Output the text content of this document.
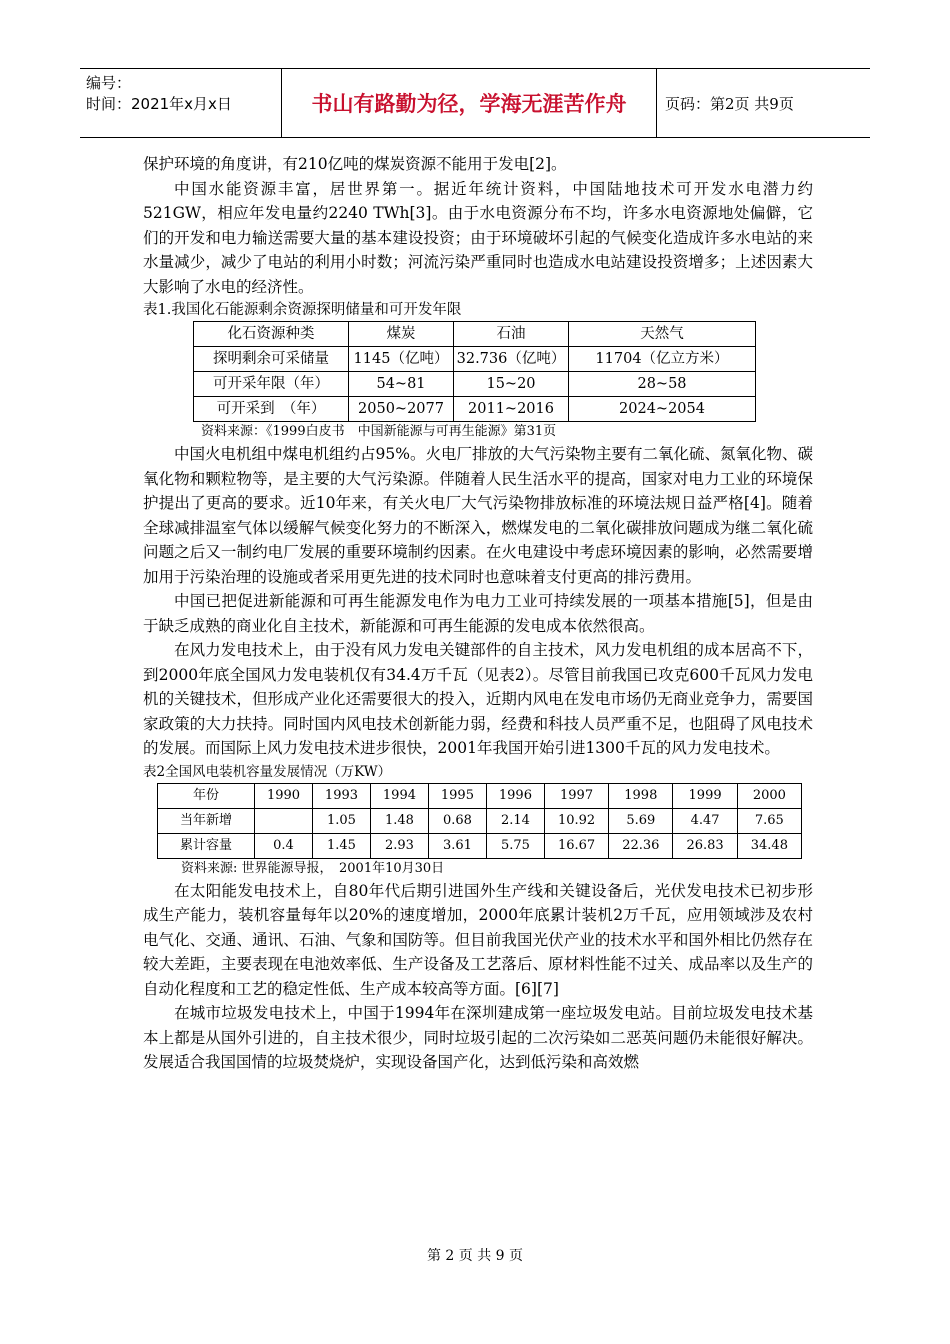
编号：
时间：2021年x月x日	书山有路勤为径，学海无涯苦作舟	页码：第2页 共9页

保护环境的角度讲，有210亿吨的煤炭资源不能用于发电[2]。

中国水能资源丰富，居世界第一。据近年统计资料，中国陆地技术可开发水电潜力约521GW，相应年发电量约2240 TWh[3]。由于水电资源分布不均，许多水电资源地处偏僻，它们的开发和电力输送需要大量的基本建设投资；由于环境破坏引起的气候变化造成许多水电站的来水量减少，减少了电站的利用小时数；河流污染严重同时也造成水电站建设投资增多；上述因素大大影响了水电的经济性。

表1.我国化石能源剩余资源探明储量和可开发年限

化石资源种类	煤炭	石油	天然气
探明剩余可采储量	1145（亿吨）	32.736（亿吨）	11704（亿立方米）
可开采年限（年）	54~81	15~20	28~58
可开采到　（年）	2050~2077	2011~2016	2024~2054

资料来源：《1999白皮书　中国新能源与可再生能源》第31页

中国火电机组中煤电机组约占95%。火电厂排放的大气污染物主要有二氧化硫、氮氧化物、碳氧化物和颗粒物等，是主要的大气污染源。伴随着人民生活水平的提高，国家对电力工业的环境保护提出了更高的要求。近10年来，有关火电厂大气污染物排放标准的环境法规日益严格[4]。随着全球减排温室气体以缓解气候变化努力的不断深入，燃煤发电的二氧化碳排放问题成为继二氧化硫问题之后又一制约电厂发展的重要环境制约因素。在火电建设中考虑环境因素的影响，必然需要增加用于污染治理的设施或者采用更先进的技术同时也意味着支付更高的排污费用。

中国已把促进新能源和可再生能源发电作为电力工业可持续发展的一项基本措施[5]，但是由于缺乏成熟的商业化自主技术，新能源和可再生能源的发电成本依然很高。

在风力发电技术上，由于没有风力发电关键部件的自主技术，风力发电机组的成本居高不下，到2000年底全国风力发电装机仅有34.4万千瓦（见表2）。尽管目前我国已攻克600千瓦风力发电机的关键技术，但形成产业化还需要很大的投入，近期内风电在发电市场仍无商业竞争力，需要国家政策的大力扶持。同时国内风电技术创新能力弱，经费和科技人员严重不足，也阻碍了风电技术的发展。而国际上风力发电技术进步很快，2001年我国开始引进1300千瓦的风力发电技术。

表2全国风电装机容量发展情况（万KW）

年份	1990	1993	1994	1995	1996	1997	1998	1999	2000
当年新增		1.05	1.48	0.68	2.14	10.92	5.69	4.47	7.65
累计容量	0.4	1.45	2.93	3.61	5.75	16.67	22.36	26.83	34.48

资料来源: 世界能源导报，　2001年10月30日

在太阳能发电技术上，自80年代后期引进国外生产线和关键设备后，光伏发电技术已初步形成生产能力，装机容量每年以20%的速度增加，2000年底累计装机2万千瓦，应用领域涉及农村电气化、交通、通讯、石油、气象和国防等。但目前我国光伏产业的技术水平和国外相比仍然存在较大差距，主要表现在电池效率低、生产设备及工艺落后、原材料性能不过关、成品率以及生产的自动化程度和工艺的稳定性低、生产成本较高等方面。[6][7]

在城市垃圾发电技术上，中国于1994年在深圳建成第一座垃圾发电站。目前垃圾发电技术基本上都是从国外引进的，自主技术很少，同时垃圾引起的二次污染如二恶英问题仍未能很好解决。发展适合我国国情的垃圾焚烧炉，实现设备国产化，达到低污染和高效燃

第 2 页 共 9 页
